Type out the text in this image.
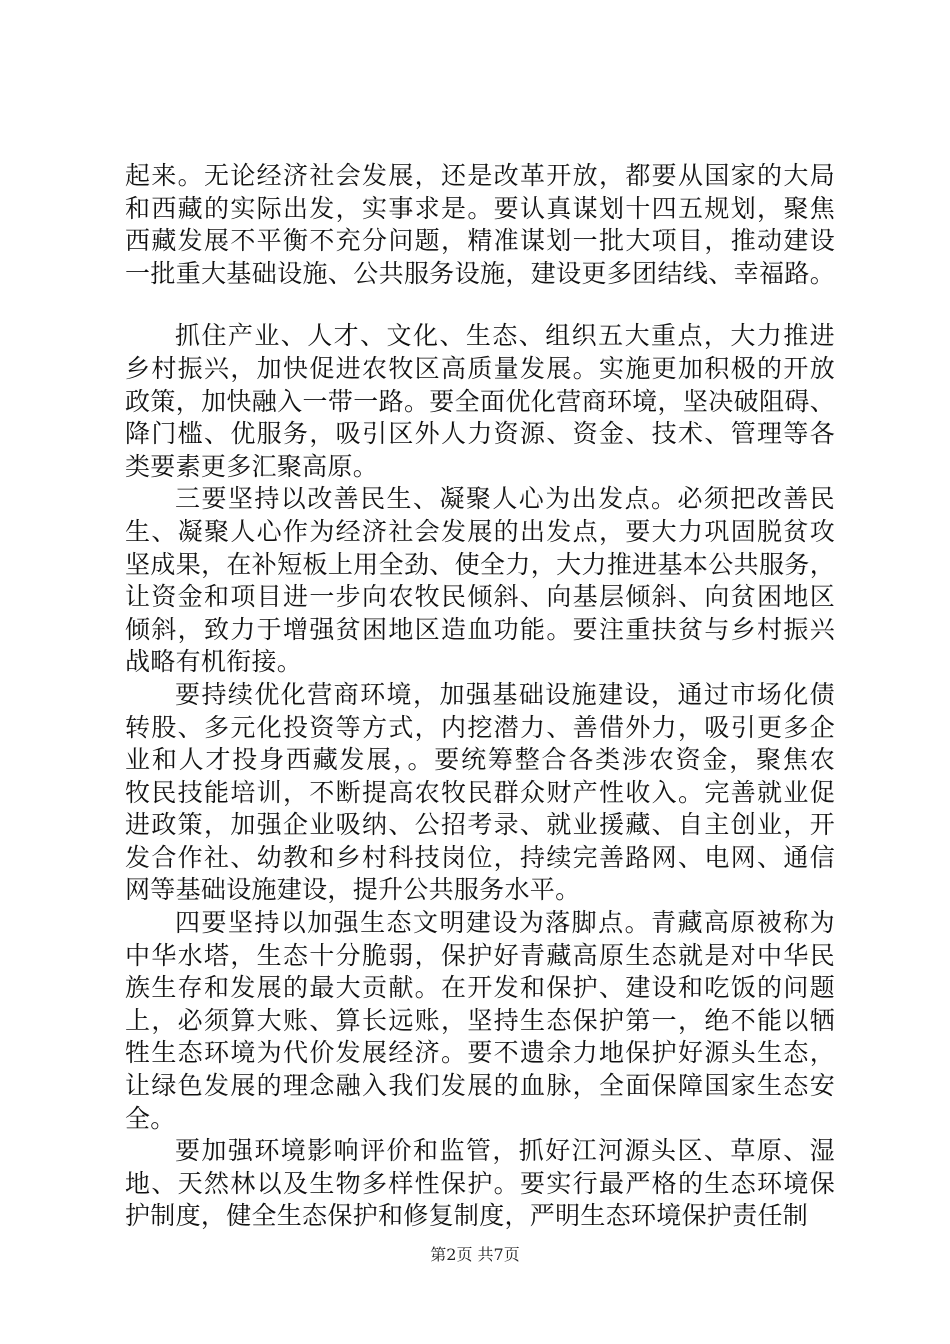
起来。无论经济社会发展，还是改革开放，都要从国家的大局
和西藏的实际出发，实事求是。要认真谋划十四五规划，聚焦
西藏发展不平衡不充分问题，精准谋划一批大项目，推动建设
一批重大基础设施、公共服务设施，建设更多团结线、幸福路。
抓住产业、人才、文化、生态、组织五大重点，大力推进
乡村振兴，加快促进农牧区高质量发展。实施更加积极的开放
政策，加快融入一带一路。要全面优化营商环境，坚决破阻碍、
降门槛、优服务，吸引区外人力资源、资金、技术、管理等各
类要素更多汇聚高原。
三要坚持以改善民生、凝聚人心为出发点。必须把改善民
生、凝聚人心作为经济社会发展的出发点，要大力巩固脱贫攻
坚成果，在补短板上用全劲、使全力，大力推进基本公共服务，
让资金和项目进一步向农牧民倾斜、向基层倾斜、向贫困地区
倾斜，致力于增强贫困地区造血功能。要注重扶贫与乡村振兴
战略有机衔接。
要持续优化营商环境，加强基础设施建设，通过市场化债
转股、多元化投资等方式，内挖潜力、善借外力，吸引更多企
业和人才投身西藏发展，。要统筹整合各类涉农资金，聚焦农
牧民技能培训，不断提高农牧民群众财产性收入。完善就业促
进政策，加强企业吸纳、公招考录、就业援藏、自主创业，开
发合作社、幼教和乡村科技岗位，持续完善路网、电网、通信
网等基础设施建设，提升公共服务水平。
四要坚持以加强生态文明建设为落脚点。青藏高原被称为
中华水塔，生态十分脆弱，保护好青藏高原生态就是对中华民
族生存和发展的最大贡献。在开发和保护、建设和吃饭的问题
上，必须算大账、算长远账，坚持生态保护第一，绝不能以牺
牲生态环境为代价发展经济。要不遗余力地保护好源头生态，
让绿色发展的理念融入我们发展的血脉，全面保障国家生态安
全。
要加强环境影响评价和监管，抓好江河源头区、草原、湿
地、天然林以及生物多样性保护。要实行最严格的生态环境保
护制度，健全生态保护和修复制度，严明生态环境保护责任制
第2页 共7页
